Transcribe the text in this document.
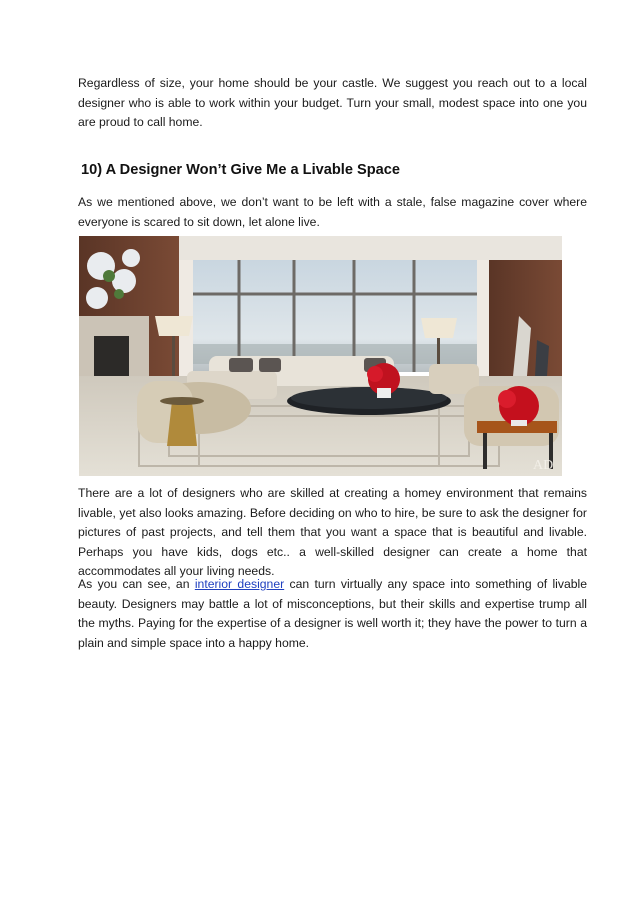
Regardless of size, your home should be your castle. We suggest you reach out to a local designer who is able to work within your budget. Turn your small, modest space into one you are proud to call home.

10) A Designer Won’t Give Me a Livable Space

As we mentioned above, we don’t want to be left with a stale, false magazine cover where everyone is scared to sit down, let alone live.

AD

There are a lot of designers who are skilled at creating a homey environment that remains livable, yet also looks amazing. Before deciding on who to hire, be sure to ask the designer for pictures of past projects, and tell them that you want a space that is beautiful and livable. Perhaps you have kids, dogs etc.. a well-skilled designer can create a home that accommodates all your living needs.

As you can see, an interior designer can turn virtually any space into something of livable beauty. Designers may battle a lot of misconceptions, but their skills and expertise trump all the myths. Paying for the expertise of a designer is well worth it; they have the power to turn a plain and simple space into a happy home.
